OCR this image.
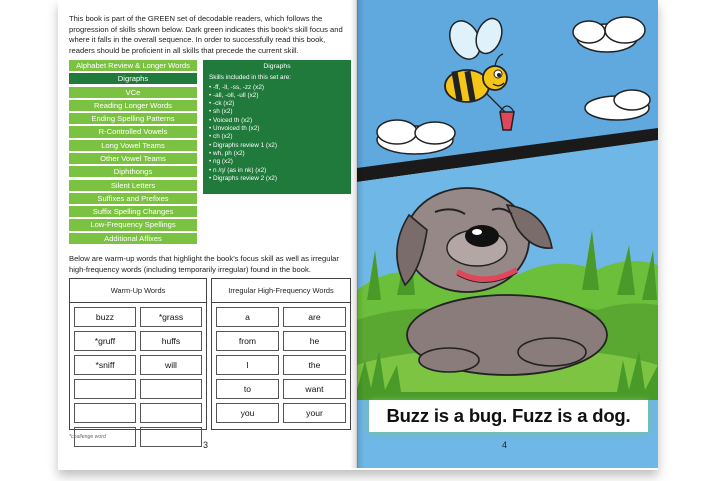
This book is part of the GREEN set of decodable readers, which follows the progression of skills shown below. Dark green indicates this book's skill focus and where it falls in the overall sequence. In order to successfully read this book, readers should be proficient in all skills that precede the current skill.

Alphabet Review & Longer Words
Digraphs
VCe
Reading Longer Words
Ending Spelling Patterns
R-Controlled Vowels
Long Vowel Teams
Other Vowel Teams
Diphthongs
Silent Letters
Suffixes and Prefixes
Suffix Spelling Changes
Low-Frequency Spellings
Additional Affixes
Digraphs
Skills included in this set are:
• -ff, -ll, -ss, -zz (x2)
• -all, -oll, -ull (x2)
• -ck (x2)
• sh (x2)
• Voiced th (x2)
• Unvoiced th (x2)
• ch (x2)
• Digraphs review 1 (x2)
• wh, ph (x2)
• ng (x2)
• n /ŋ/ (as in nk) (x2)
• Digraphs review 2 (x2)

Below are warm-up words that highlight the book's focus skill as well as irregular high-frequency words (including temporarily irregular) found in the book.

Warm-Up Words
buzz	*grass
*gruff	huffs
*sniff	will
Irregular High-Frequency Words
a	are
from	he
I	the
to	want
you	your
*challenge word
3
Buzz is a bug. Fuzz is a dog.
4
